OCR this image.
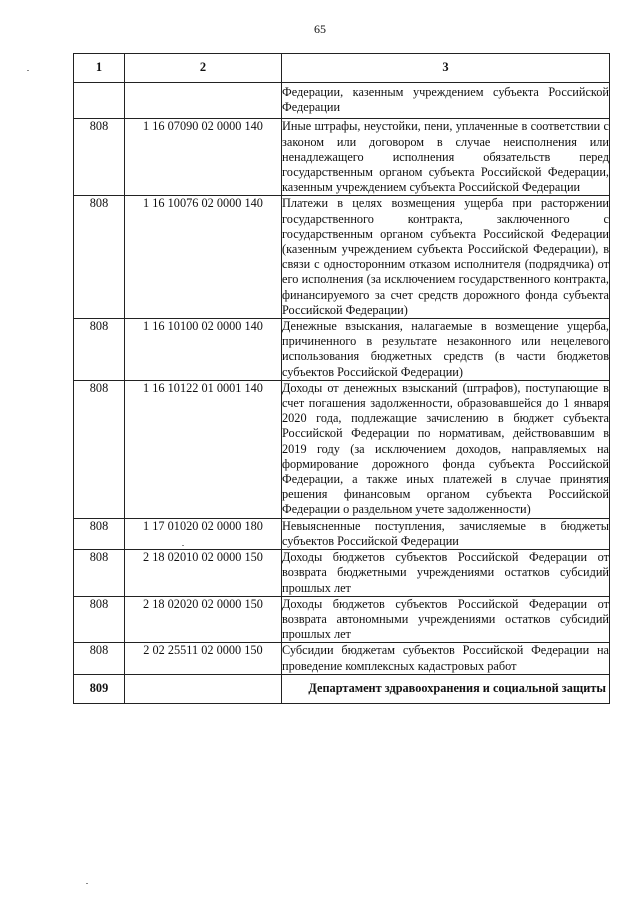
65
1	2	3
		Федерации, казенным учреждением субъекта Российской Федерации
808	1 16 07090 02 0000 140	Иные штрафы, неустойки, пени, уплаченные в соответствии с законом или договором в случае неисполнения или ненадлежащего исполнения обязательств перед государственным органом субъекта Российской Федерации, казенным учреждением субъекта Российской Федерации
808	1 16 10076 02 0000 140	Платежи в целях возмещения ущерба при расторжении государственного контракта, заключенного с государственным органом субъекта Российской Федерации (казенным учреждением субъекта Российской Федерации), в связи с односторонним отказом исполнителя (подрядчика) от его исполнения (за исключением государственного контракта, финансируемого за счет средств дорожного фонда субъекта Российской Федерации)
808	1 16 10100 02 0000 140	Денежные взыскания, налагаемые в возмещение ущерба, причиненного в результате незаконного или нецелевого использования бюджетных средств (в части бюджетов субъектов Российской Федерации)
808	1 16 10122 01 0001 140	Доходы от денежных взысканий (штрафов), поступающие в счет погашения задолженности, образовавшейся до 1 января 2020 года, подлежащие зачислению в бюджет субъекта Российской Федерации по нормативам, действовавшим в 2019 году (за исключением доходов, направляемых на формирование дорожного фонда субъекта Российской Федерации, а также иных платежей в случае принятия решения финансовым органом субъекта Российской Федерации о раздельном учете задолженности)
808	1 17 01020 02 0000 180	Невыясненные поступления, зачисляемые в бюджеты субъектов Российской Федерации
808	2 18 02010 02 0000 150	Доходы бюджетов субъектов Российской Федерации от возврата бюджетными учреждениями остатков субсидий прошлых лет
808	2 18 02020 02 0000 150	Доходы бюджетов субъектов Российской Федерации от возврата автономными учреждениями остатков субсидий прошлых лет
808	2 02 25511 02 0000 150	Субсидии бюджетам субъектов Российской Федерации на проведение комплексных кадастровых работ
809		Департамент здравоохранения и социальной защиты
